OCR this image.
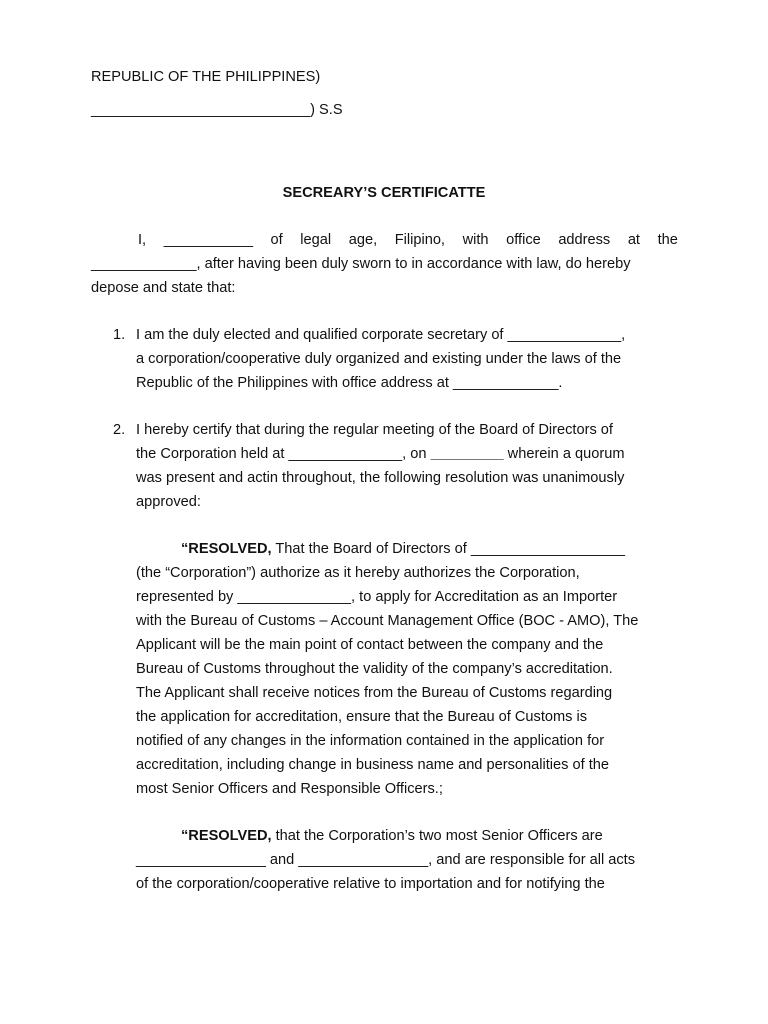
REPUBLIC OF THE PHILIPPINES)
___________________________) S.S
SECREARY’S CERTIFICATTE
I, ___________ of legal age, Filipino, with office address at the
_____________, after having been duly sworn to in accordance with law, do hereby
depose and state that:
1. I am the duly elected and qualified corporate secretary of ______________,
a corporation/cooperative duly organized and existing under the laws of the
Republic of the Philippines with office address at _____________.
2. I hereby certify that during the regular meeting of the Board of Directors of
the Corporation held at ______________, on _________ wherein a quorum
was present and actin throughout, the following resolution was unanimously
approved:
“RESOLVED, That the Board of Directors of ___________________
(the “Corporation”) authorize as it hereby authorizes the Corporation,
represented by ______________, to apply for Accreditation as an Importer
with the Bureau of Customs – Account Management Office (BOC - AMO), The
Applicant will be the main point of contact between the company and the
Bureau of Customs throughout the validity of the company’s accreditation.
The Applicant shall receive notices from the Bureau of Customs regarding
the application for accreditation, ensure that the Bureau of Customs is
notified of any changes in the information contained in the application for
accreditation, including change in business name and personalities of the
most Senior Officers and Responsible Officers.;
“RESOLVED, that the Corporation’s two most Senior Officers are
________________ and ________________, and are responsible for all acts
of the corporation/cooperative relative to importation and for notifying the
